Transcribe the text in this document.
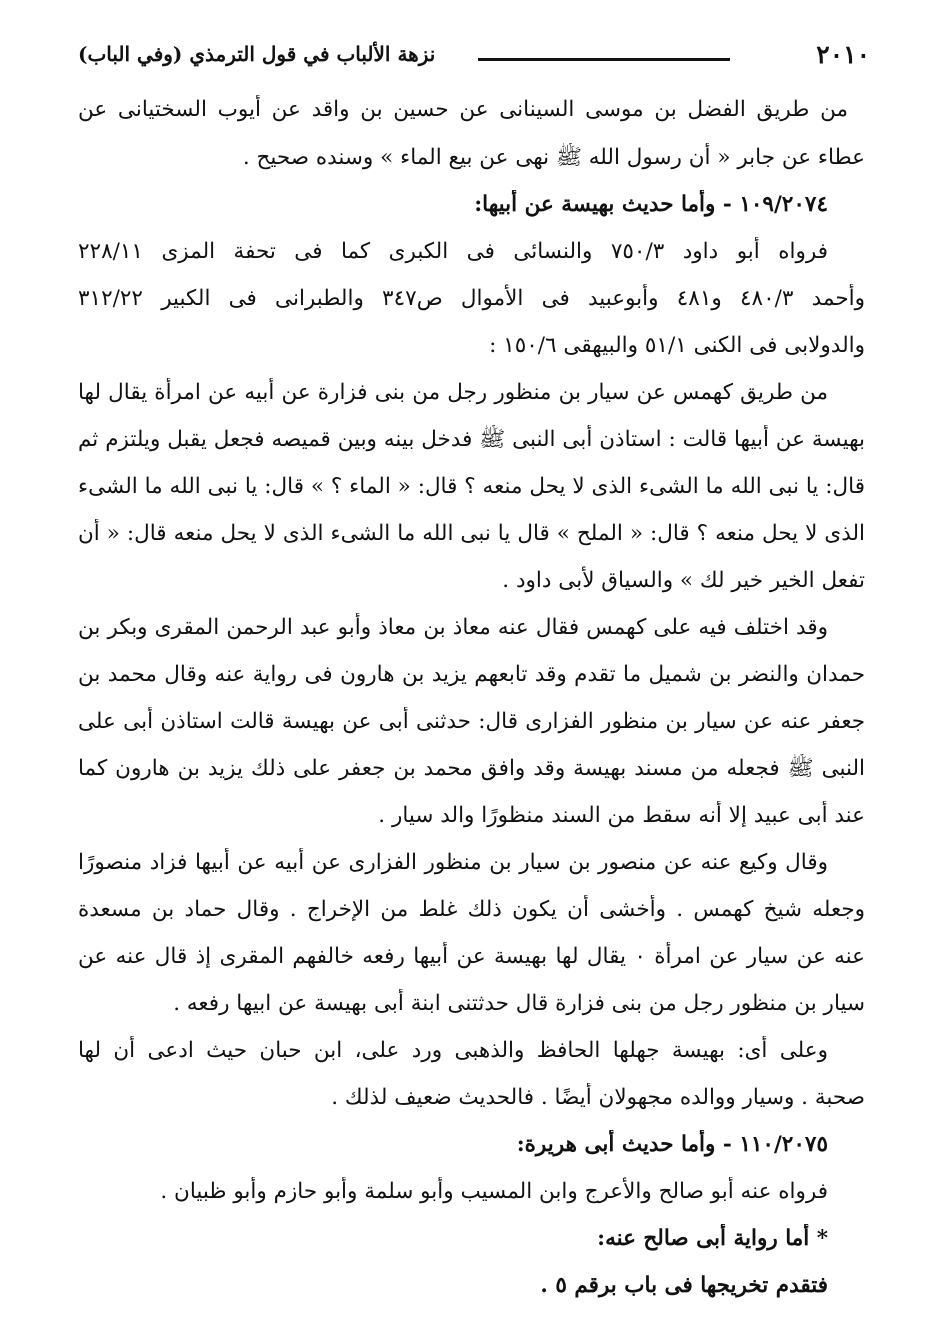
٢٠١٠
نزهة الألباب في قول الترمذي (وفي الباب)
من طريق الفضل بن موسى السينانى عن حسين بن واقد عن أيوب السختيانى عن
عطاء عن جابر « أن رسول الله ﷺ نهى عن بيع الماء » وسنده صحيح .
١٠٩/٢٠٧٤ - وأما حديث بهيسة عن أبيها:
فرواه أبو داود ٧٥٠/٣ والنسائى فى الكبرى كما فى تحفة المزى ٢٢٨/١١
وأحمد ٤٨٠/٣ و٤٨١ وأبوعبيد فى الأموال ص٣٤٧ والطبرانى فى الكبير ٣١٢/٢٢
والدولابى فى الكنى ٥١/١ والبيهقى ١٥٠/٦ :
من طريق كهمس عن سيار بن منظور رجل من بنى فزارة عن أبيه عن امرأة يقال لها
بهيسة عن أبيها قالت : استاذن أبى النبى ﷺ فدخل بينه وبين قميصه فجعل يقبل ويلتزم ثم
قال: يا نبى الله ما الشىء الذى لا يحل منعه ؟ قال: « الماء ؟ » قال: يا نبى الله ما الشىء
الذى لا يحل منعه ؟ قال: « الملح » قال يا نبى الله ما الشىء الذى لا يحل منعه قال: « أن
تفعل الخير خير لك » والسياق لأبى داود .
وقد اختلف فيه على كهمس فقال عنه معاذ بن معاذ وأبو عبد الرحمن المقرى وبكر بن
حمدان والنضر بن شميل ما تقدم وقد تابعهم يزيد بن هارون فى رواية عنه وقال محمد بن
جعفر عنه عن سيار بن منظور الفزارى قال: حدثنى أبى عن بهيسة قالت استاذن أبى على
النبى ﷺ فجعله من مسند بهيسة وقد وافق محمد بن جعفر على ذلك يزيد بن هارون كما
عند أبى عبيد إلا أنه سقط من السند منظورًا والد سيار .
وقال وكيع عنه عن منصور بن سيار بن منظور الفزارى عن أبيه عن أبيها فزاد منصورًا
وجعله شيخ كهمس . وأخشى أن يكون ذلك غلط من الإخراج . وقال حماد بن مسعدة
عنه عن سيار عن امرأة ٠ يقال لها بهيسة عن أبيها رفعه خالفهم المقرى إذ قال عنه عن
سيار بن منظور رجل من بنى فزارة قال حدثتنى ابنة أبى بهيسة عن ابيها رفعه .
وعلى أى: بهيسة جهلها الحافظ والذهبى ورد على، ابن حبان حيث ادعى أن لها
صحبة . وسيار ووالده مجهولان أيضًا . فالحديث ضعيف لذلك .
١١٠/٢٠٧٥ - وأما حديث أبى هريرة:
فرواه عنه أبو صالح والأعرج وابن المسيب وأبو سلمة وأبو حازم وأبو ظبيان .
* أما رواية أبى صالح عنه:
فتقدم تخريجها فى باب برقم ٥ .
